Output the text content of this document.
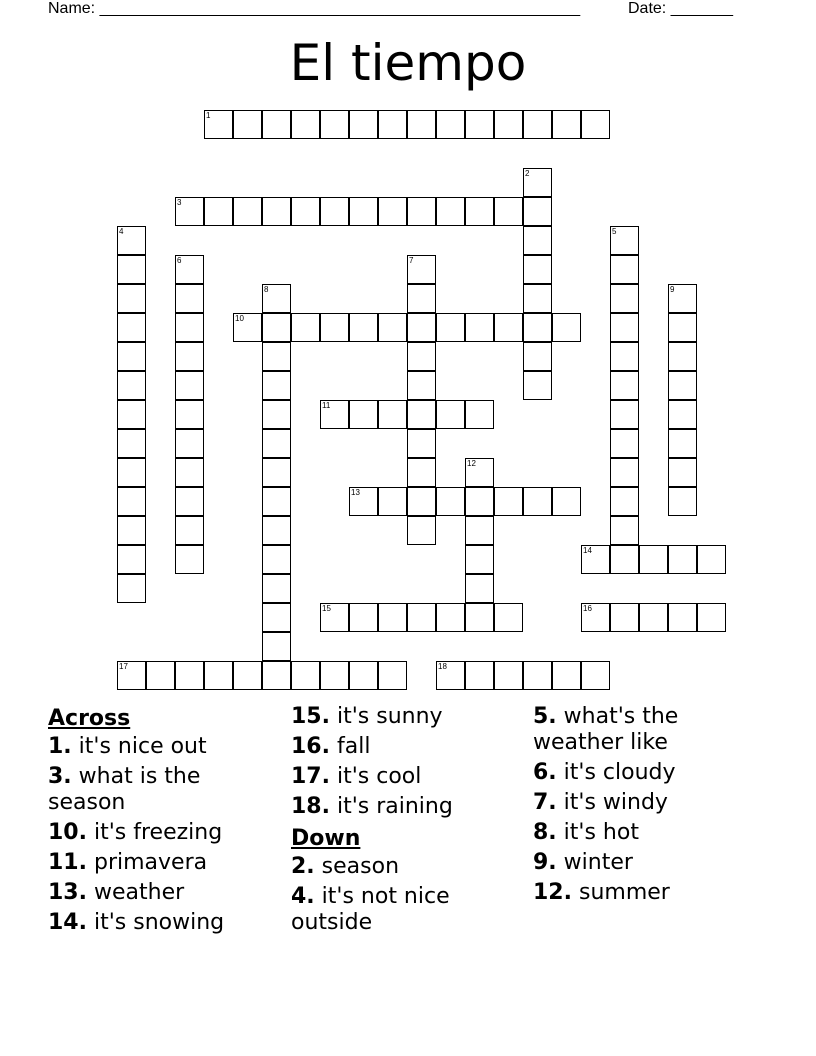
Name: ______________________________________________________	Date: _______
El tiempo
1
2
3
4	5
6	7
8	9
10
11
12
13
14
15	16
17	18
Across
1. it's nice out
3. what is the season
10. it's freezing
11. primavera
13. weather
14. it's snowing
15. it's sunny
16. fall
17. it's cool
18. it's raining
Down
2. season
4. it's not nice outside
5. what's the weather like
6. it's cloudy
7. it's windy
8. it's hot
9. winter
12. summer
